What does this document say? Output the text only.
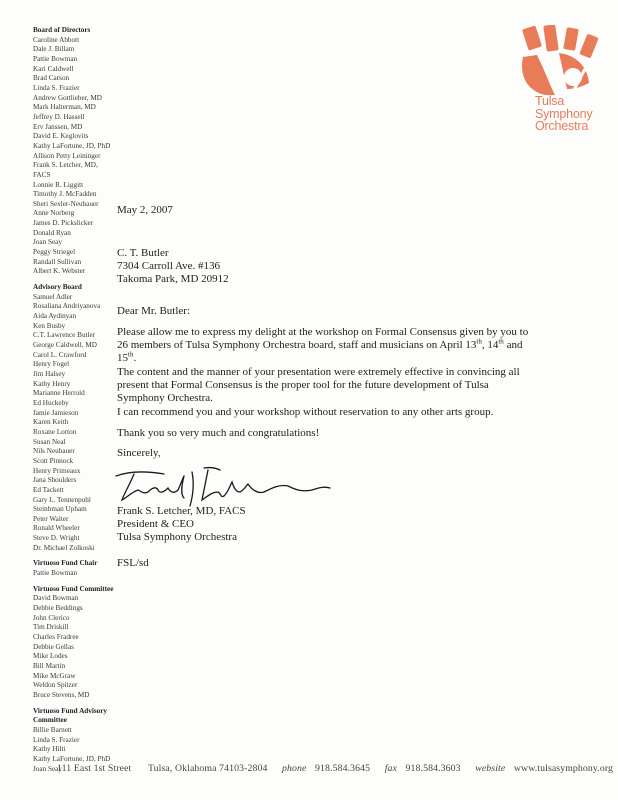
Board of Directors
Caroline Abbott
Dale J. Billam
Pattie Bowman
Kari Caldwell
Brad Carson
Linda S. Frazier
Andrew Gottlieber, MD
Mark Halterman, MD
Jeffrey D. Hassell
Erv Janssen, MD
David E. Keglovits
Kathy LaFortune, JD, PhD
Allison Petty Leininger
Frank S. Letcher, MD, FACS
Lonnie R. Liggitt
Timothy J. McFadden
Sheri Sexler-Neubauer
Anne Norberg
James D. Pickslicker
Donald Ryan
Joan Seay
Peggy Striegel
Randall Sullivan
Albert K. Webster
Advisory Board
Samuel Adler
Rosaliana Andriyanova
Aida Aydinyan
Ken Busby
C.T. Lawrence Butler
George Caldwell, MD
Carol L. Crawford
Henry Fogel
Jim Halsey
Kathy Henry
Marianne Herrold
Ed Huckeby
Jamie Jamieson
Karen Keith
Roxane Lorton
Susan Neal
Nils Neubauer
Scott Pinnock
Henry Primeaux
Jana Shoulders
Ed Tackett
Gary L. Tennenpohl
Steinbman Upham
Peter Walter
Ronald Wheeler
Steve D. Wright
Dr. Michael Zolkoski
Virtuoso Fund Chair
Pattie Bowman
Virtuoso Fund Committee
David Bowman
Debbie Beddings
John Clerico
Tim Driskill
Charles Fradree
Debbie Gellas
Mike Lodes
Bill Martin
Mike McGraw
Weldon Spitzer
Bruce Stevens, MD
Virtuoso Fund Advisory Committee
Billie Barnett
Linda S. Frazier
Kathy Hilti
Kathy LaFortune, JD, PhD
Joan Seay
Tulsa
Symphony
Orchestra
May 2, 2007
C. T. Butler
7304 Carroll Ave. #136
Takoma Park, MD 20912
Dear Mr. Butler:
Please allow me to express my delight at the workshop on Formal Consensus given by you to 26 members of Tulsa Symphony Orchestra board, staff and musicians on April 13th, 14th and 15th.
The content and the manner of your presentation were extremely effective in convincing all present that Formal Consensus is the proper tool for the future development of Tulsa Symphony Orchestra.
I can recommend you and your workshop without reservation to any other arts group.
Thank you so very much and congratulations!
Sincerely,
Frank S. Letcher, MD, FACS
President & CEO
Tulsa Symphony Orchestra
FSL/sd
111 East 1st Street Tulsa, Oklahoma 74103-2804 phone 918.584.3645 fax 918.584.3603 website www.tulsasymphony.org
